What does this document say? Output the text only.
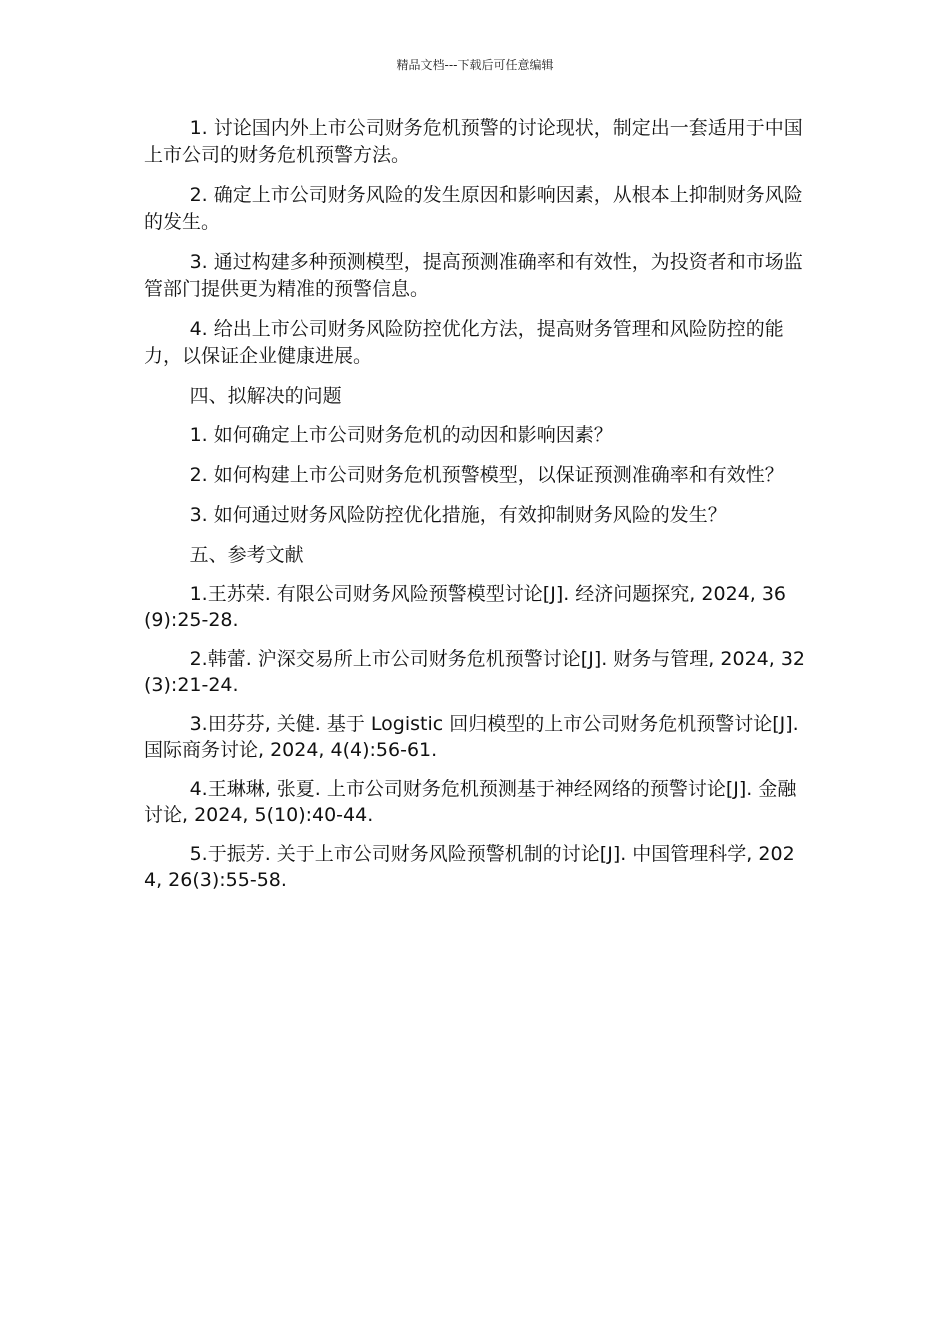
精品文档---下载后可任意编辑

1. 讨论国内外上市公司财务危机预警的讨论现状，制定出一套适用于中国上市公司的财务危机预警方法。

2. 确定上市公司财务风险的发生原因和影响因素，从根本上抑制财务风险的发生。

3. 通过构建多种预测模型，提高预测准确率和有效性，为投资者和市场监管部门提供更为精准的预警信息。

4. 给出上市公司财务风险防控优化方法，提高财务管理和风险防控的能力，以保证企业健康进展。

四、拟解决的问题

1. 如何确定上市公司财务危机的动因和影响因素？

2. 如何构建上市公司财务危机预警模型，以保证预测准确率和有效性？

3. 如何通过财务风险防控优化措施，有效抑制财务风险的发生？

五、参考文献

1.王苏荣. 有限公司财务风险预警模型讨论[J]. 经济问题探究, 2024, 36(9):25-28.

2.韩蕾. 沪深交易所上市公司财务危机预警讨论[J]. 财务与管理, 2024, 32(3):21-24.

3.田芬芬, 关健. 基于 Logistic 回归模型的上市公司财务危机预警讨论[J]. 国际商务讨论, 2024, 4(4):56-61.

4.王琳琳, 张夏. 上市公司财务危机预测基于神经网络的预警讨论[J]. 金融讨论, 2024, 5(10):40-44.

5.于振芳. 关于上市公司财务风险预警机制的讨论[J]. 中国管理科学, 2024, 26(3):55-58.
